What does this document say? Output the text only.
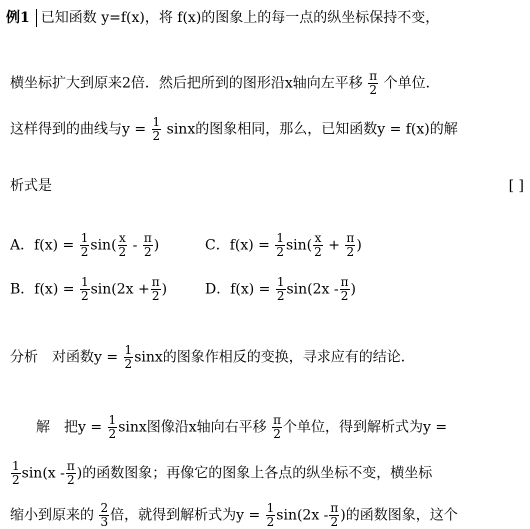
例1 已知函数 y=f(x)，将 f(x)的图象上的每一点的纵坐标保持不变，
横坐标扩大到原来2倍．然后把所到的图形沿x轴向左平移 $\frac{\pi}{2}$ 个单位．
这样得到的曲线与$y = \frac{1}{2}$ sinx的图象相同，那么，已知函数y = f(x)的解
析式是	[ ]
A．$f(x) = \frac{1}{2} \sin( \frac{x}{2} - \frac{\pi}{2}$ )	C．$f(x) = \frac{1}{2} \sin( \frac{x}{2} + \frac{\pi}{2}$ )
B．$f(x) = \frac{1}{2} \sin(2x + \frac{\pi}{2}$ )	D．$f(x) = \frac{1}{2} \sin(2x - \frac{\pi}{2}$ )
分析　对函数$y = \frac{1}{2}$ sinx的图象作相反的变换，寻求应有的结论．
解　把$y = \frac{1}{2}$ sinx图像沿x轴向右平移 $\frac{\pi}{2}$ 个单位，得到解析式为y =
$\frac{1}{2} \sin(x - \frac{\pi}{2}$ )的函数图象；再像它的图象上各点的纵坐标不变，横坐标
缩小到原来的 $\frac{2}{3}$ 倍，就得到解析式为$y = \frac{1}{2} \sin(2x - \frac{\pi}{2}$ )的函数图象，这个
